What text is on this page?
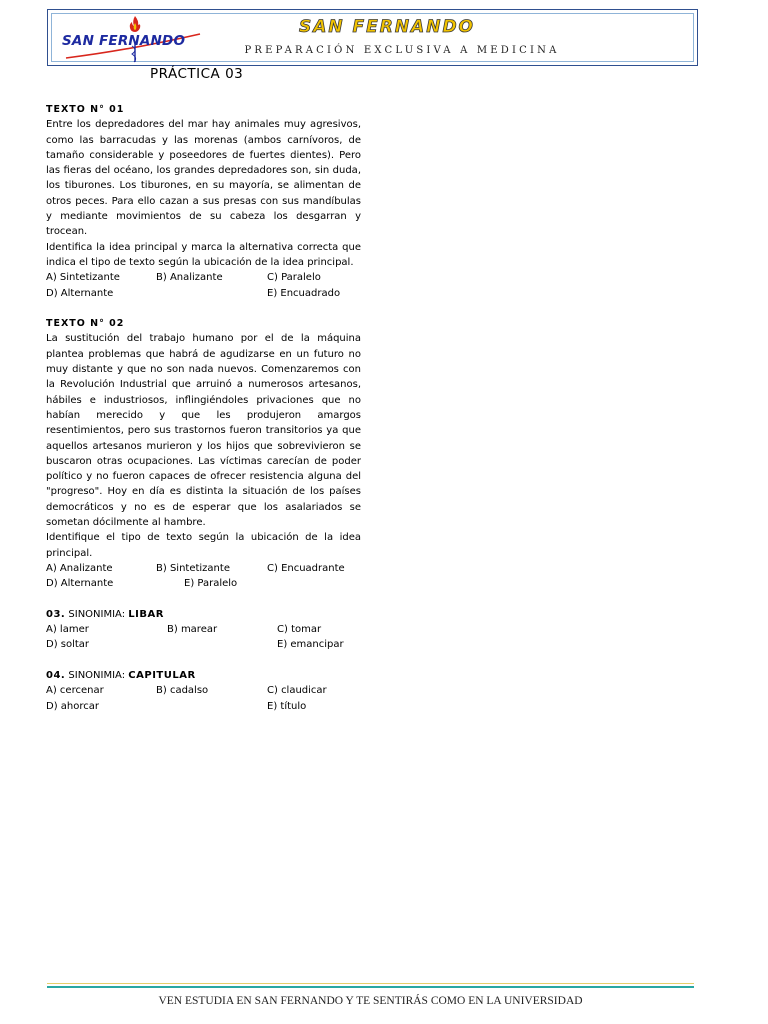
SAN FERNANDO
SAN FERNANDO
PREPARACIÓN EXCLUSIVA A MEDICINA
PRÁCTICA 03

TEXTO N° 01

Entre los depredadores del mar hay animales muy agresivos, como las barracudas y las morenas (ambos carnívoros, de tamaño considerable y poseedores de fuertes dientes). Pero las fieras del océano, los grandes depredadores son, sin duda, los tiburones. Los tiburones, en su mayoría, se alimentan de otros peces. Para ello cazan a sus presas con sus mandíbulas y mediante movimientos de su cabeza los desgarran y trocean.

Identifica la idea principal y marca la alternativa correcta que indica el tipo de texto según la ubicación de la idea principal.

A) Sintetizante	B) Analizante	C) Paralelo
D) Alternante	E) Encuadrado

TEXTO N° 02

La sustitución del trabajo humano por el de la máquina plantea problemas que habrá de agudizarse en un futuro no muy distante y que no son nada nuevos. Comenzaremos con la Revolución Industrial que arruinó a numerosos artesanos, hábiles e industriosos, inflingiéndoles privaciones que no habían merecido y que les produjeron amargos resentimientos, pero sus trastornos fueron transitorios ya que aquellos artesanos murieron y los hijos que sobrevivieron se buscaron otras ocupaciones. Las víctimas carecían de poder político y no fueron capaces de ofrecer resistencia alguna del "progreso". Hoy en día es distinta la situación de los países democráticos y no es de esperar que los asalariados se sometan dócilmente al hambre.

Identifique el tipo de texto según la ubicación de la idea principal.

A) Analizante	B) Sintetizante	C) Encuadrante
D) Alternante	E) Paralelo

03. SINONIMIA: LIBAR

A) lamer	B) marear	C) tomar
D) soltar	E) emancipar

04. SINONIMIA: CAPITULAR

A) cercenar	B) cadalso	C) claudicar
D) ahorcar	E) título
VEN ESTUDIA EN SAN FERNANDO Y TE SENTIRÁS COMO EN LA UNIVERSIDAD
